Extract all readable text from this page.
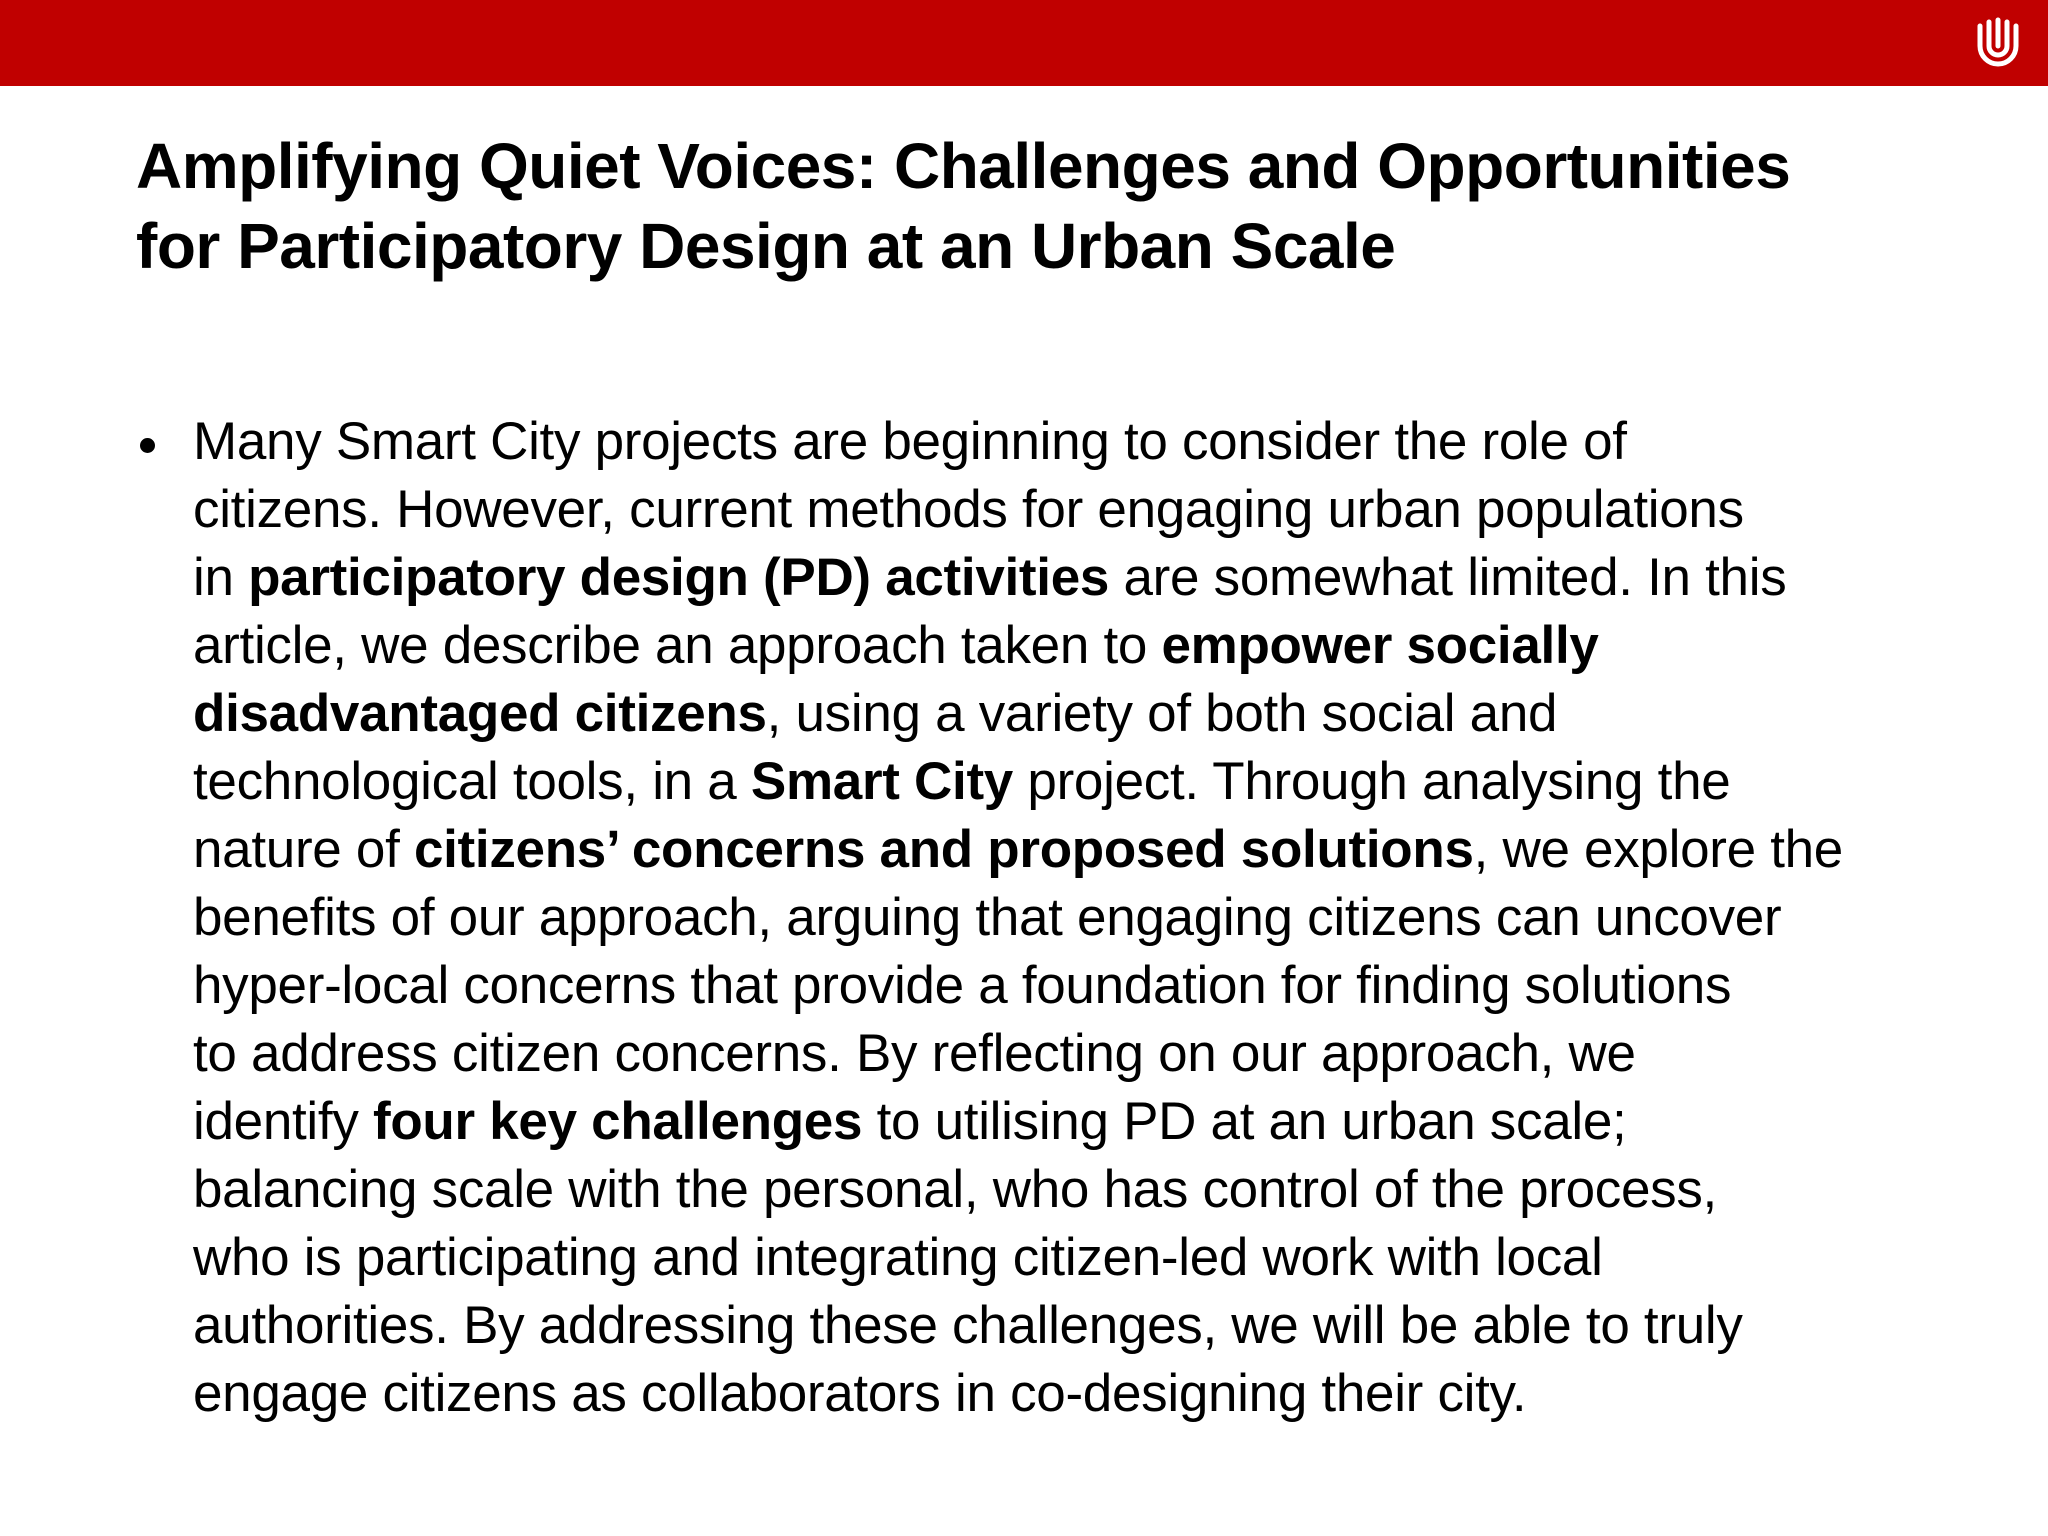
Amplifying Quiet Voices: Challenges and Opportunities
for Participatory Design at an Urban Scale
Many Smart City projects are beginning to consider the role of
citizens. However, current methods for engaging urban populations
in participatory design (PD) activities are somewhat limited. In this
article, we describe an approach taken to empower socially
disadvantaged citizens, using a variety of both social and
technological tools, in a Smart City project. Through analysing the
nature of citizens’ concerns and proposed solutions, we explore the
benefits of our approach, arguing that engaging citizens can uncover
hyper-local concerns that provide a foundation for finding solutions
to address citizen concerns. By reflecting on our approach, we
identify four key challenges to utilising PD at an urban scale;
balancing scale with the personal, who has control of the process,
who is participating and integrating citizen-led work with local
authorities. By addressing these challenges, we will be able to truly
engage citizens as collaborators in co-designing their city.
